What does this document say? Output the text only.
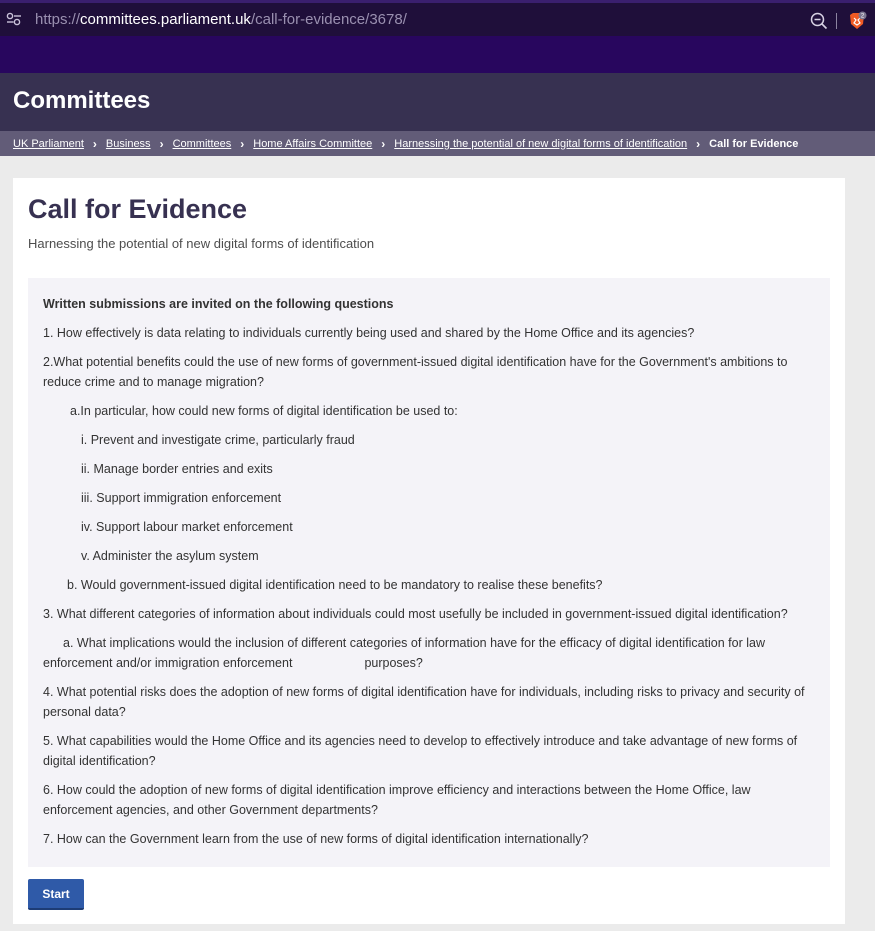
https://committees.parliament.uk/call-for-evidence/3678/	2
Committees
UK Parliament › Business › Committees › Home Affairs Committee › Harnessing the potential of new digital forms of identification › Call for Evidence
Call for Evidence
Harnessing the potential of new digital forms of identification

Written submissions are invited on the following questions

1. How effectively is data relating to individuals currently being used and shared by the Home Office and its agencies?

2.What potential benefits could the use of new forms of government-issued digital identification have for the Government's ambitions to reduce crime and to manage migration?

a.In particular, how could new forms of digital identification be used to:

i. Prevent and investigate crime, particularly fraud

ii. Manage border entries and exits

iii. Support immigration enforcement

iv. Support labour market enforcement

v. Administer the asylum system

b. Would government-issued digital identification need to be mandatory to realise these benefits?

3. What different categories of information about individuals could most usefully be included in government-issued digital identification?

a. What implications would the inclusion of different categories of information have for the efficacy of digital identification for law enforcement and/or immigration enforcement	purposes?

4. What potential risks does the adoption of new forms of digital identification have for individuals, including risks to privacy and security of personal data?

5. What capabilities would the Home Office and its agencies need to develop to effectively introduce and take advantage of new forms of digital identification?

6. How could the adoption of new forms of digital identification improve efficiency and interactions between the Home Office, law enforcement agencies, and other Government departments?

7. How can the Government learn from the use of new forms of digital identification internationally?

Start
